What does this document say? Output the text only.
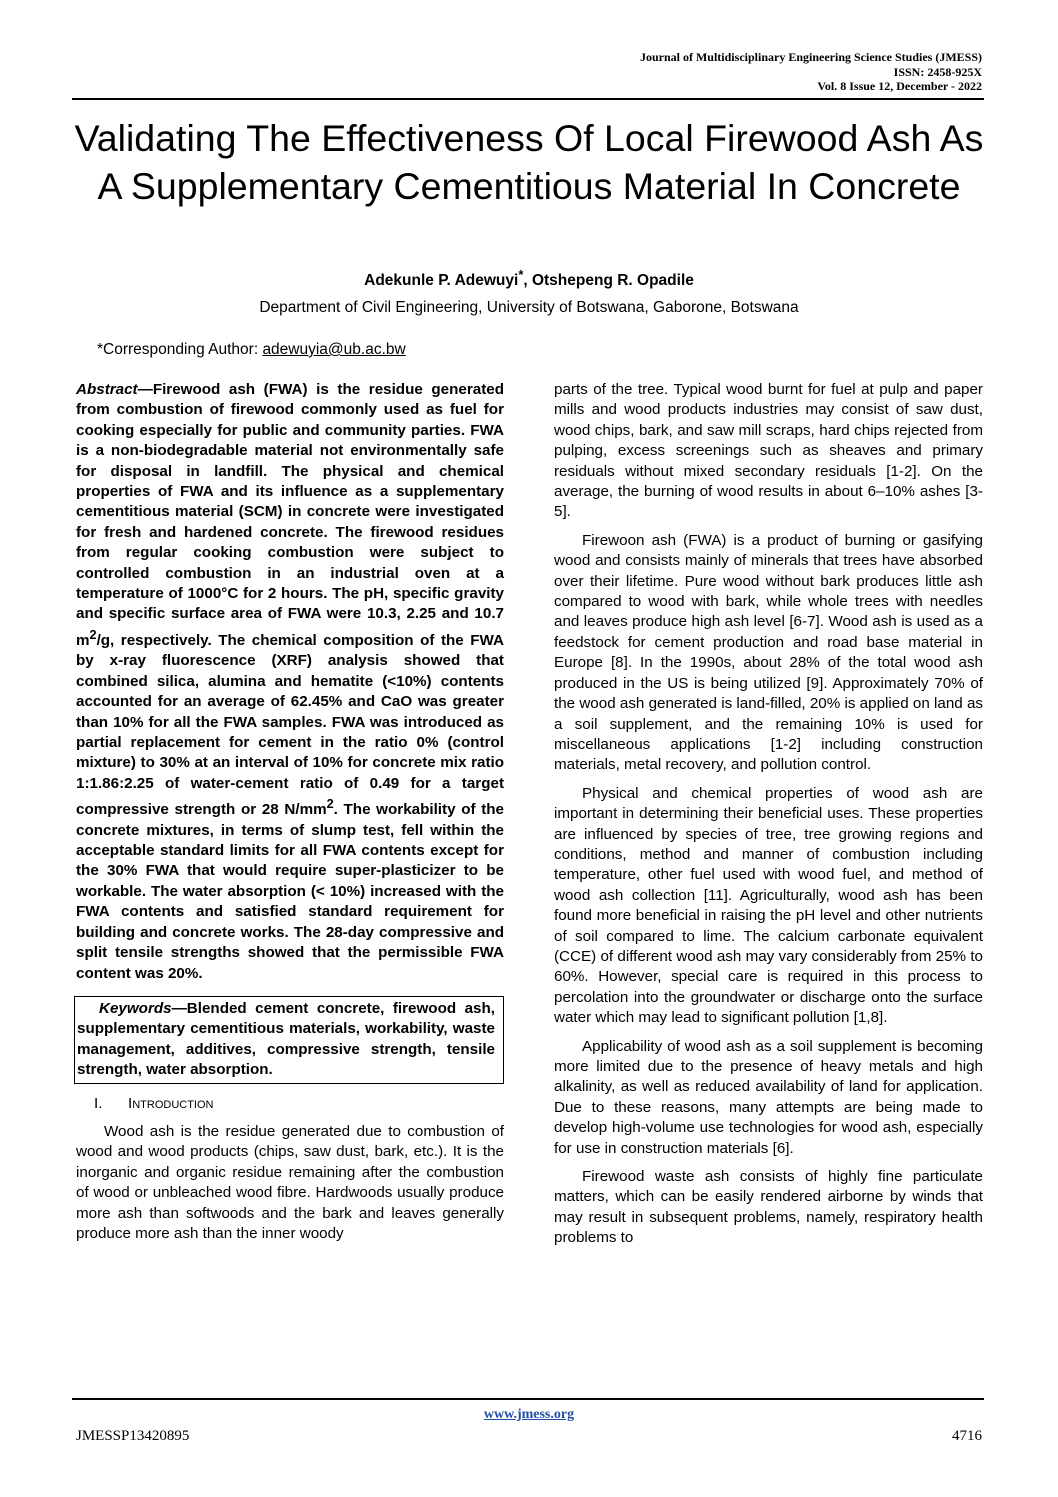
Journal of Multidisciplinary Engineering Science Studies (JMESS)
ISSN: 2458-925X
Vol. 8 Issue 12, December - 2022
Validating The Effectiveness Of Local Firewood Ash As A Supplementary Cementitious Material In Concrete
Adekunle P. Adewuyi*, Otshepeng R. Opadile
Department of Civil Engineering, University of Botswana, Gaborone, Botswana
*Corresponding Author: adewuyia@ub.ac.bw

Abstract—Firewood ash (FWA) is the residue generated from combustion of firewood commonly used as fuel for cooking especially for public and community parties. FWA is a non-biodegradable material not environmentally safe for disposal in landfill. The physical and chemical properties of FWA and its influence as a supplementary cementitious material (SCM) in concrete were investigated for fresh and hardened concrete. The firewood residues from regular cooking combustion were subject to controlled combustion in an industrial oven at a temperature of 1000°C for 2 hours. The pH, specific gravity and specific surface area of FWA were 10.3, 2.25 and 10.7 $m^2/g$, respectively. The chemical composition of the FWA by x-ray fluorescence (XRF) analysis showed that combined silica, alumina and hematite (<10%) contents accounted for an average of 62.45% and CaO was greater than 10% for all the FWA samples. FWA was introduced as partial replacement for cement in the ratio 0% (control mixture) to 30% at an interval of 10% for concrete mix ratio 1:1.86:2.25 of water-cement ratio of 0.49 for a target compressive strength or 28 $N/mm^2$. The workability of the concrete mixtures, in terms of slump test, fell within the acceptable standard limits for all FWA contents except for the 30% FWA that would require super-plasticizer to be workable. The water absorption (< 10%) increased with the FWA contents and satisfied standard requirement for building and concrete works. The 28-day compressive and split tensile strengths showed that the permissible FWA content was 20%.

Keywords—Blended cement concrete, firewood ash, supplementary cementitious materials, workability, waste management, additives, compressive strength, tensile strength, water absorption.

I. Introduction

Wood ash is the residue generated due to combustion of wood and wood products (chips, saw dust, bark, etc.). It is the inorganic and organic residue remaining after the combustion of wood or unbleached wood fibre. Hardwoods usually produce more ash than softwoods and the bark and leaves generally produce more ash than the inner woody

parts of the tree. Typical wood burnt for fuel at pulp and paper mills and wood products industries may consist of saw dust, wood chips, bark, and saw mill scraps, hard chips rejected from pulping, excess screenings such as sheaves and primary residuals without mixed secondary residuals [1-2]. On the average, the burning of wood results in about 6–10% ashes [3-5].

Firewoon ash (FWA) is a product of burning or gasifying wood and consists mainly of minerals that trees have absorbed over their lifetime. Pure wood without bark produces little ash compared to wood with bark, while whole trees with needles and leaves produce high ash level [6-7]. Wood ash is used as a feedstock for cement production and road base material in Europe [8]. In the 1990s, about 28% of the total wood ash produced in the US is being utilized [9]. Approximately 70% of the wood ash generated is land-filled, 20% is applied on land as a soil supplement, and the remaining 10% is used for miscellaneous applications [1-2] including construction materials, metal recovery, and pollution control.

Physical and chemical properties of wood ash are important in determining their beneficial uses. These properties are influenced by species of tree, tree growing regions and conditions, method and manner of combustion including temperature, other fuel used with wood fuel, and method of wood ash collection [11]. Agriculturally, wood ash has been found more beneficial in raising the pH level and other nutrients of soil compared to lime. The calcium carbonate equivalent (CCE) of different wood ash may vary considerably from 25% to 60%. However, special care is required in this process to percolation into the groundwater or discharge onto the surface water which may lead to significant pollution [1,8].

Applicability of wood ash as a soil supplement is becoming more limited due to the presence of heavy metals and high alkalinity, as well as reduced availability of land for application. Due to these reasons, many attempts are being made to develop high-volume use technologies for wood ash, especially for use in construction materials [6].

Firewood waste ash consists of highly fine particulate matters, which can be easily rendered airborne by winds that may result in subsequent problems, namely, respiratory health problems to

www.jmess.org
JMESSP13420895	4716
